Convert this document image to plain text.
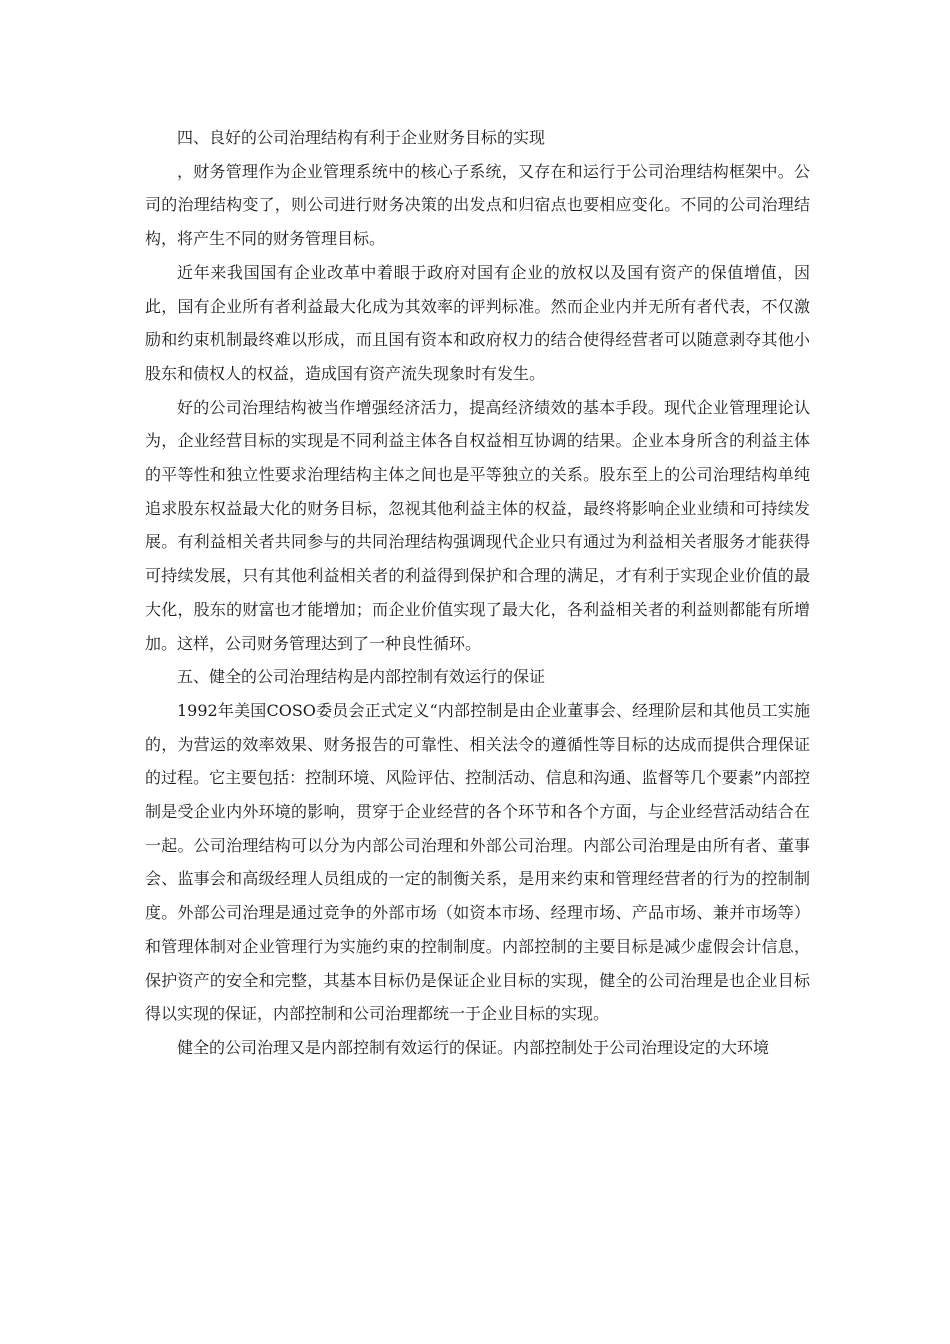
四、良好的公司治理结构有利于企业财务目标的实现

，财务管理作为企业管理系统中的核心子系统，又存在和运行于公司治理结构框架中。公司的治理结构变了，则公司进行财务决策的出发点和归宿点也要相应变化。不同的公司治理结构，将产生不同的财务管理目标。

近年来我国国有企业改革中着眼于政府对国有企业的放权以及国有资产的保值增值，因此，国有企业所有者利益最大化成为其效率的评判标准。然而企业内并无所有者代表，不仅激励和约束机制最终难以形成，而且国有资本和政府权力的结合使得经营者可以随意剥夺其他小股东和债权人的权益，造成国有资产流失现象时有发生。

好的公司治理结构被当作增强经济活力，提高经济绩效的基本手段。现代企业管理理论认为，企业经营目标的实现是不同利益主体各自权益相互协调的结果。企业本身所含的利益主体的平等性和独立性要求治理结构主体之间也是平等独立的关系。股东至上的公司治理结构单纯追求股东权益最大化的财务目标，忽视其他利益主体的权益，最终将影响企业业绩和可持续发展。有利益相关者共同参与的共同治理结构强调现代企业只有通过为利益相关者服务才能获得可持续发展，只有其他利益相关者的利益得到保护和合理的满足，才有利于实现企业价值的最大化，股东的财富也才能增加；而企业价值实现了最大化，各利益相关者的利益则都能有所增加。这样，公司财务管理达到了一种良性循环。

五、健全的公司治理结构是内部控制有效运行的保证

1992年美国COSO委员会正式定义“内部控制是由企业董事会、经理阶层和其他员工实施的，为营运的效率效果、财务报告的可靠性、相关法令的遵循性等目标的达成而提供合理保证的过程。它主要包括：控制环境、风险评估、控制活动、信息和沟通、监督等几个要素”内部控制是受企业内外环境的影响，贯穿于企业经营的各个环节和各个方面，与企业经营活动结合在一起。公司治理结构可以分为内部公司治理和外部公司治理。内部公司治理是由所有者、董事会、监事会和高级经理人员组成的一定的制衡关系，是用来约束和管理经营者的行为的控制制度。外部公司治理是通过竞争的外部市场（如资本市场、经理市场、产品市场、兼并市场等）和管理体制对企业管理行为实施约束的控制制度。内部控制的主要目标是减少虚假会计信息，保护资产的安全和完整，其基本目标仍是保证企业目标的实现，健全的公司治理是也企业目标得以实现的保证，内部控制和公司治理都统一于企业目标的实现。

健全的公司治理又是内部控制有效运行的保证。内部控制处于公司治理设定的大环境
